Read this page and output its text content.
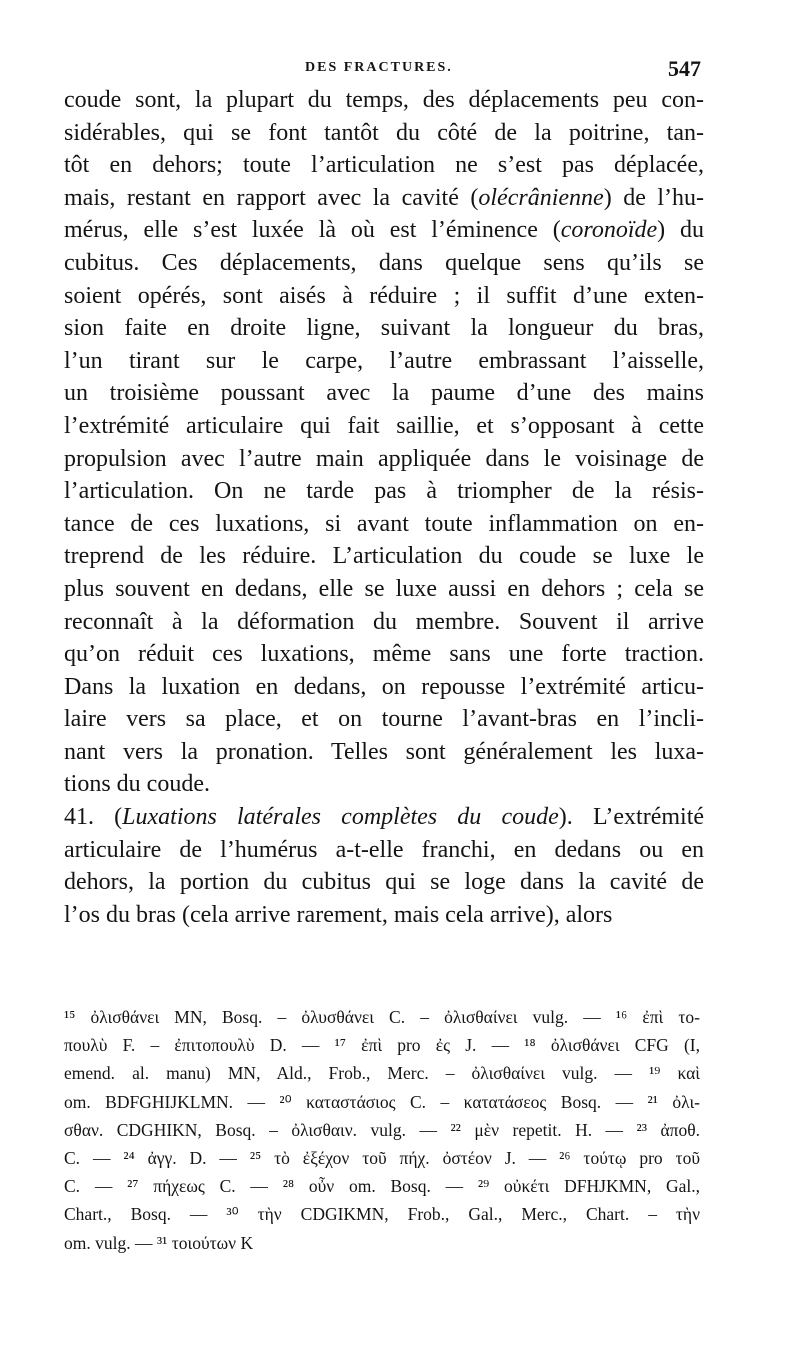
DES FRACTURES.	547
coude sont, la plupart du temps, des déplacements peu con-
sidérables, qui se font tantôt du côté de la poitrine, tan-
tôt en dehors; toute l’articulation ne s’est pas déplacée,
mais, restant en rapport avec la cavité (olécrânienne) de l’hu-
mérus, elle s’est luxée là où est l’éminence (coronoïde) du
cubitus. Ces déplacements, dans quelque sens qu’ils se
soient opérés, sont aisés à réduire ; il suffit d’une exten-
sion faite en droite ligne, suivant la longueur du bras,
l’un tirant sur le carpe, l’autre embrassant l’aisselle,
un troisième poussant avec la paume d’une des mains
l’extrémité articulaire qui fait saillie, et s’opposant à cette
propulsion avec l’autre main appliquée dans le voisinage de
l’articulation. On ne tarde pas à triompher de la résis-
tance de ces luxations, si avant toute inflammation on en-
treprend de les réduire. L’articulation du coude se luxe le
plus souvent en dedans, elle se luxe aussi en dehors ; cela se
reconnaît à la déformation du membre. Souvent il arrive
qu’on réduit ces luxations, même sans une forte traction.
Dans la luxation en dedans, on repousse l’extrémité articu-
laire vers sa place, et on tourne l’avant-bras en l’incli-
nant vers la pronation. Telles sont généralement les luxa-
tions du coude.
41. (Luxations latérales complètes du coude). L’extrémité
articulaire de l’humérus a-t-elle franchi, en dedans ou en
dehors, la portion du cubitus qui se loge dans la cavité de
l’os du bras (cela arrive rarement, mais cela arrive), alors
¹⁵ ὀλισθάνει MN, Bosq. – ὀλυσθάνει C. – ὀλισθαίνει vulg. — ¹⁶ ἐπὶ το-
πουλὺ F. – ἐπιτοπουλὺ D. — ¹⁷ ἐπὶ pro ἐς J. — ¹⁸ ὀλισθάνει CFG (I,
emend. al. manu) MN, Ald., Frob., Merc. – ὀλισθαίνει vulg. — ¹⁹ καὶ
om. BDFGHIJKLMN. — ²⁰ καταστάσιος C. – κατατάσεος Bosq. — ²¹ ὀλι-
σθαν. CDGHIKN, Bosq. – ὀλισθαιν. vulg. — ²² μὲν repetit. H. — ²³ ἀποθ.
C. — ²⁴ ἀγγ. D. — ²⁵ τὸ ἐξέχον τοῦ πήχ. ὀστέον J. — ²⁶ τούτῳ pro τοῦ
C. — ²⁷ πήχεως C. — ²⁸ οὖν om. Bosq. — ²⁹ οὐκέτι DFHJKMN, Gal.,
Chart., Bosq. — ³⁰ τὴν CDGIKMN, Frob., Gal., Merc., Chart. – τὴν
om. vulg. — ³¹ τοιούτων K
